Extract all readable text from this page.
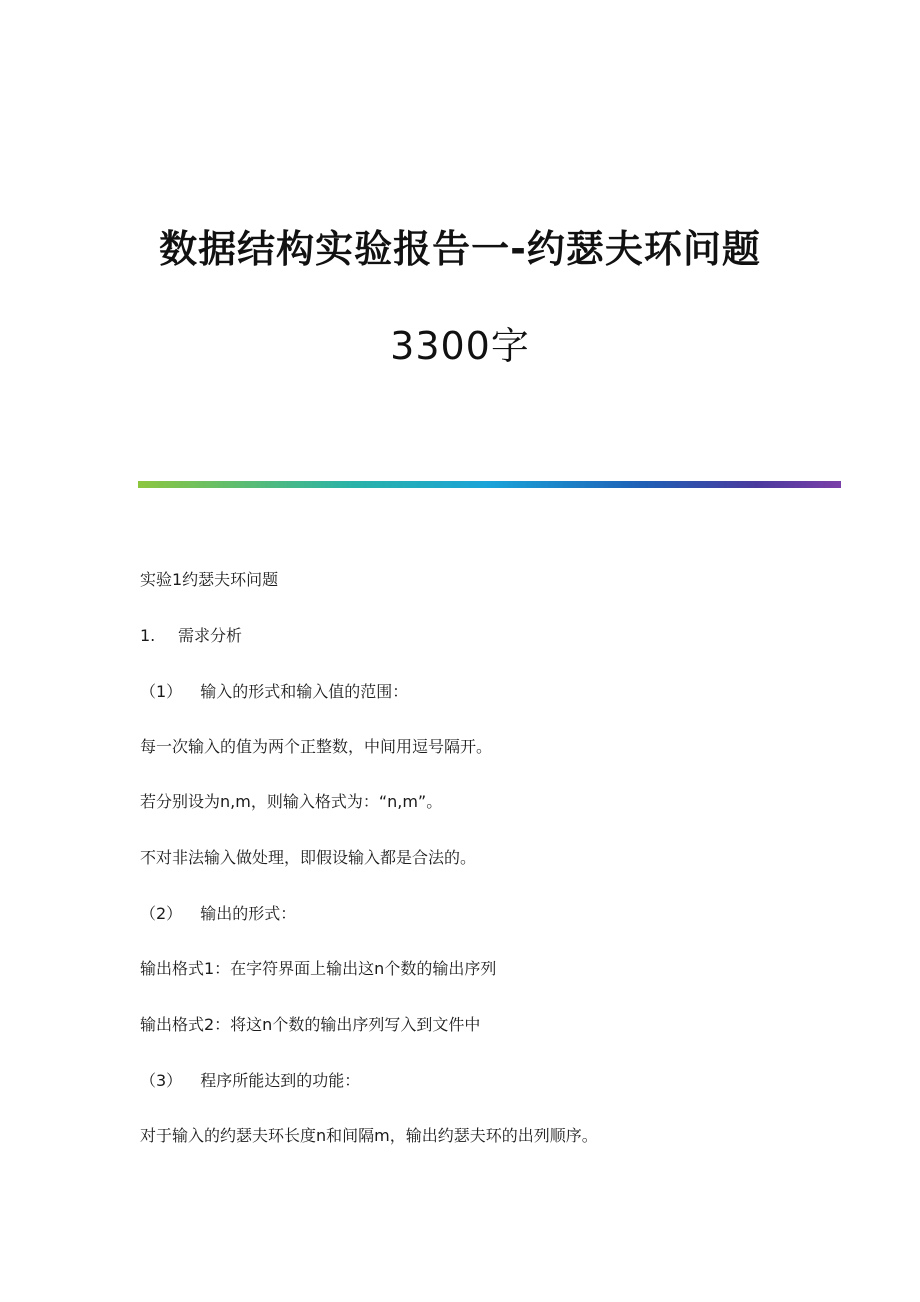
数据结构实验报告一-约瑟夫环问题
3300字
实验1约瑟夫环问题
1. 需求分析
（1） 输入的形式和输入值的范围：
每一次输入的值为两个正整数，中间用逗号隔开。
若分别设为n,m，则输入格式为：“n,m”。
不对非法输入做处理，即假设输入都是合法的。
（2） 输出的形式：
输出格式1：在字符界面上输出这n个数的输出序列
输出格式2：将这n个数的输出序列写入到文件中
（3） 程序所能达到的功能：
对于输入的约瑟夫环长度n和间隔m，输出约瑟夫环的出列顺序。
